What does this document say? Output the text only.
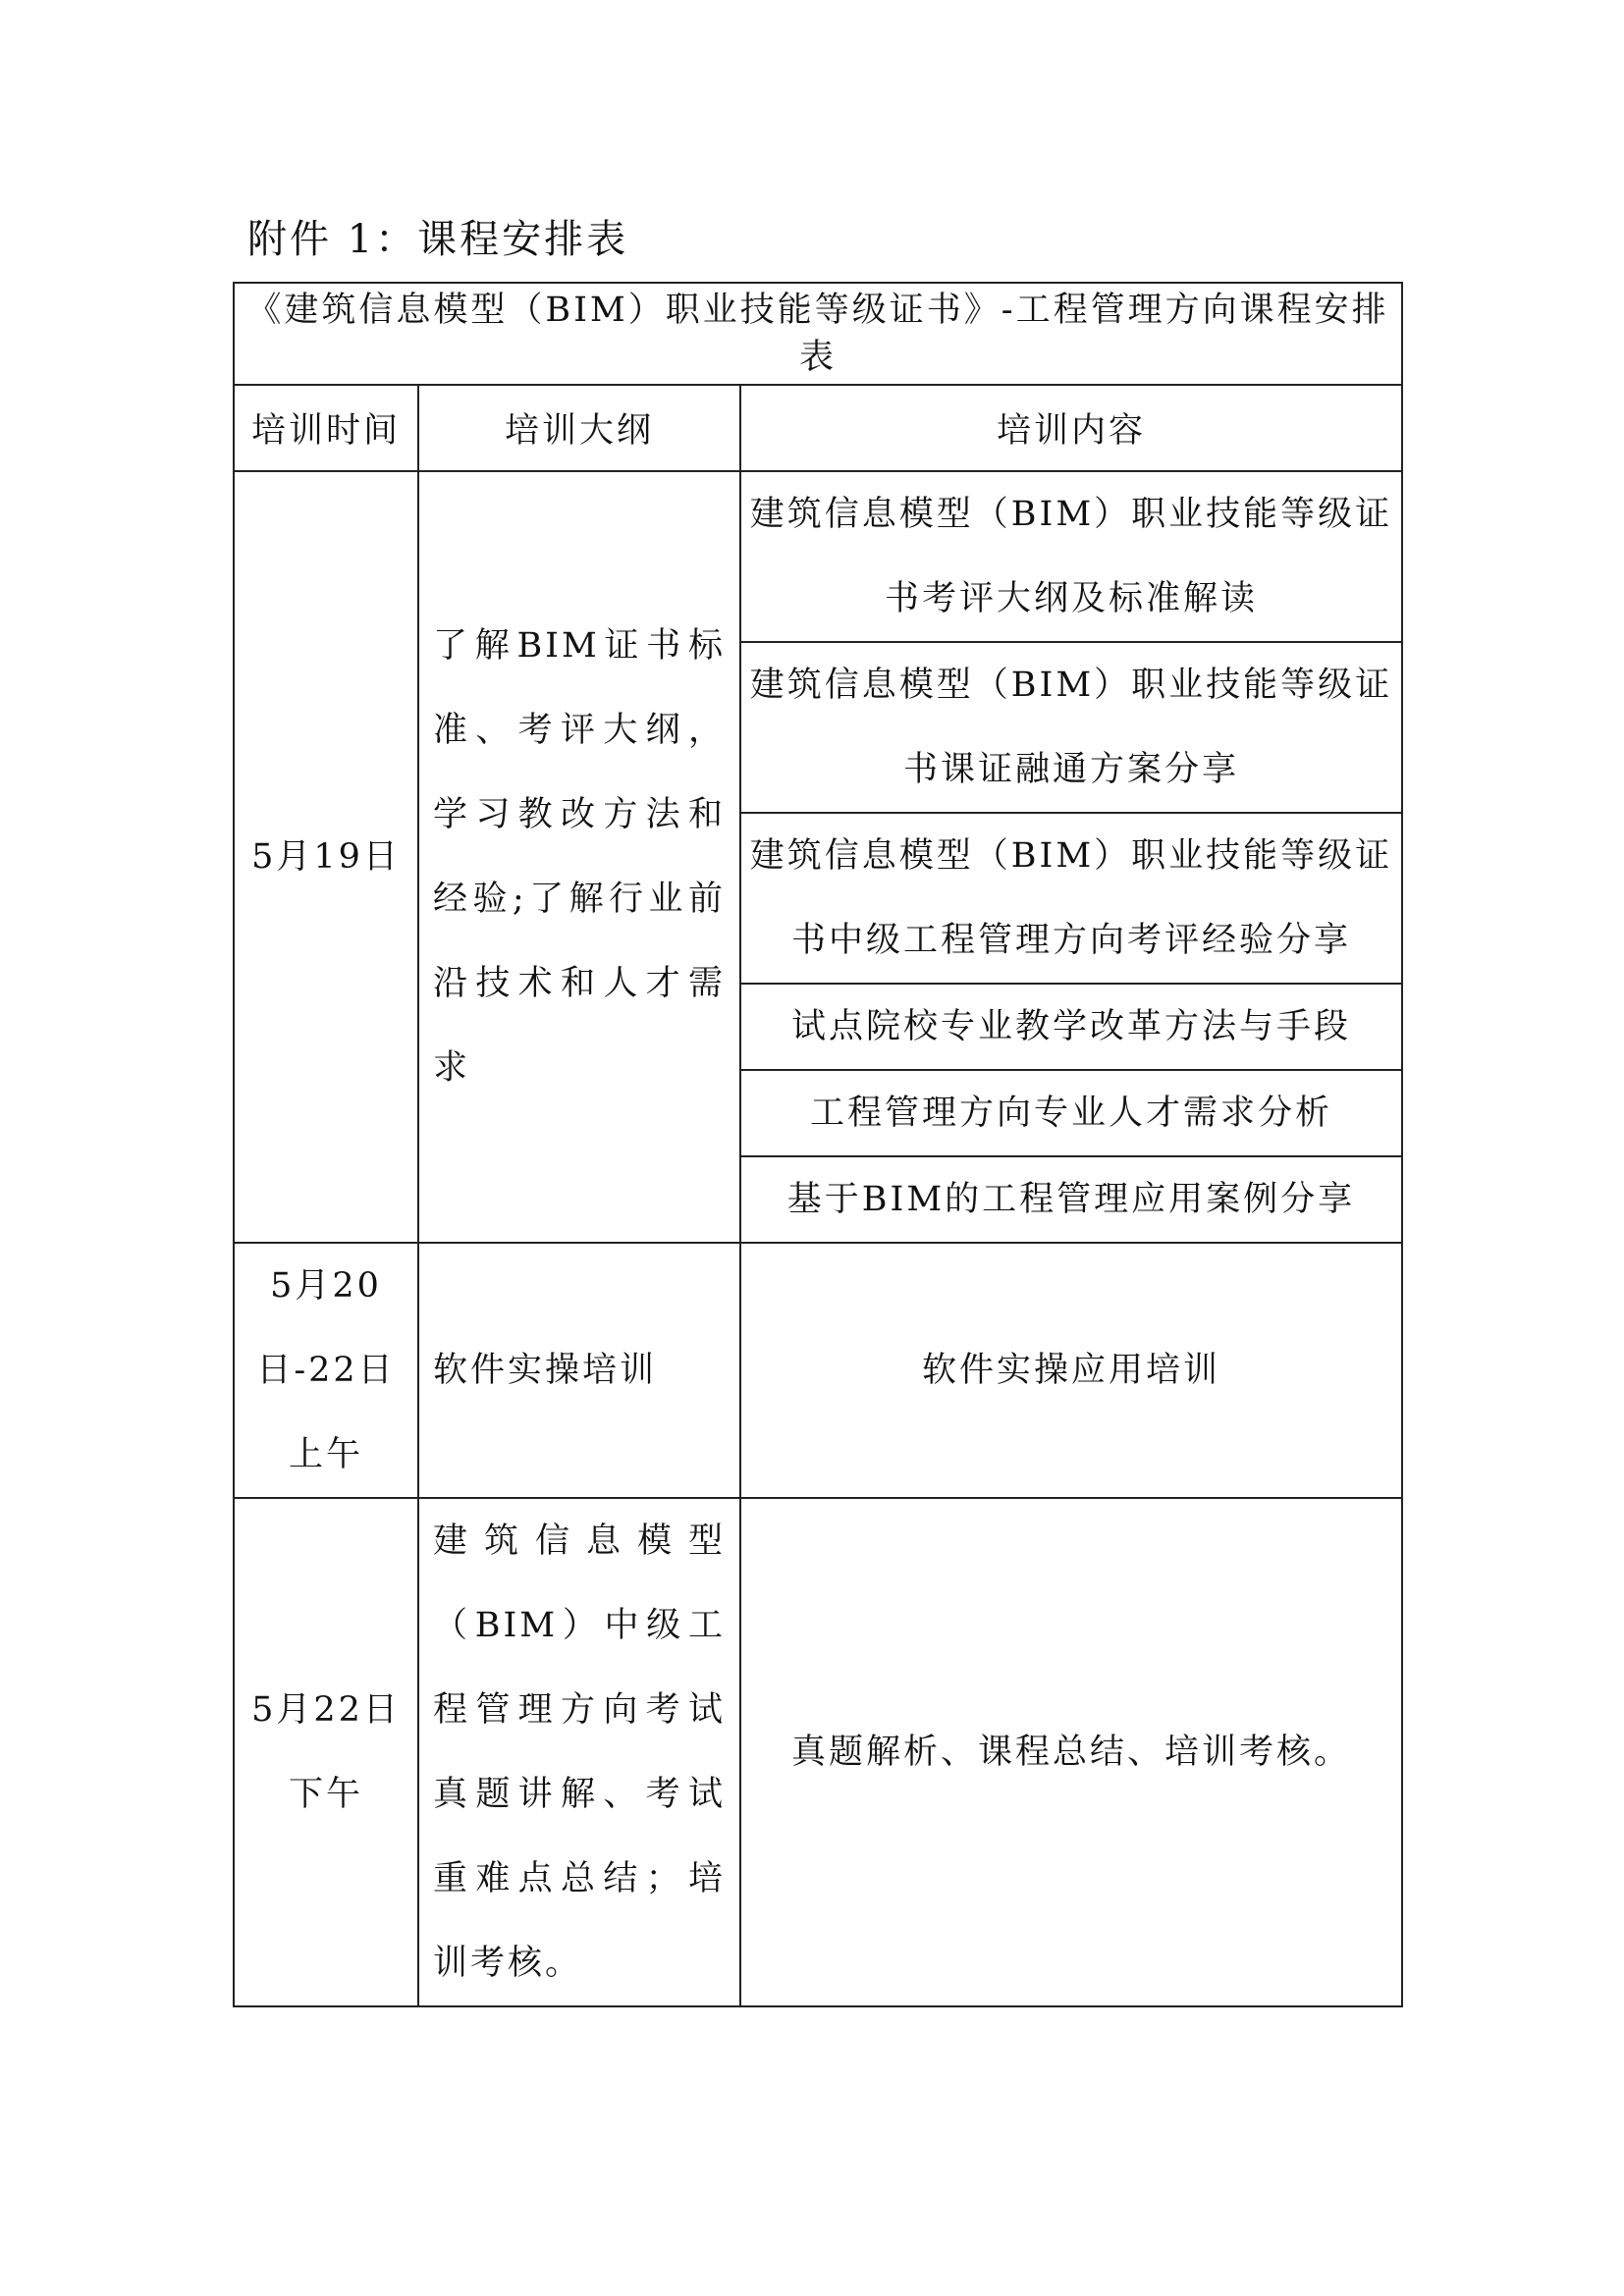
附件 1：课程安排表
《建筑信息模型（BIM）职业技能等级证书》-工程管理方向课程安排表		
培训时间	培训大纲	培训内容
5月19日	了解BIM证书标准、考评大纲，学习教改方法和经验;了解行业前沿技术和人才需求	建筑信息模型（BIM）职业技能等级证书考评大纲及标准解读
		建筑信息模型（BIM）职业技能等级证书课证融通方案分享
		建筑信息模型（BIM）职业技能等级证书中级工程管理方向考评经验分享
		试点院校专业教学改革方法与手段
		工程管理方向专业人才需求分析
		基于BIM的工程管理应用案例分享
5月20日-22日上午	软件实操培训	软件实操应用培训
5月22日下午	建筑信息模型（BIM）中级工程管理方向考试真题讲解、考试重难点总结；培训考核。	真题解析、课程总结、培训考核。
